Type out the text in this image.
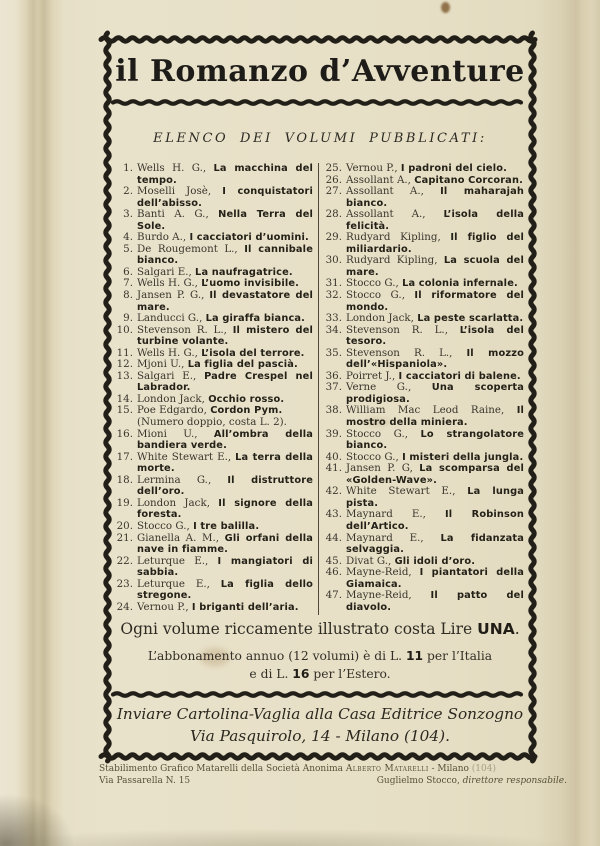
il Romanzo d’Avventure
ELENCO DEI VOLUMI PUBBLICATI:

1. Wells H. G., La macchina del tempo.

2. Moselli Josè, I conquistatori dell’abisso.

3. Banti A. G., Nella Terra del Sole.

4. Burdo A., I cacciatori d’uomini.

5. De Rougemont L., Il cannibale bianco.

6. Salgari E., La naufragatrice.

7. Wells H. G., L’uomo invisibile.

8. Jansen P. G., Il devastatore del mare.

9. Landucci G., La giraffa bianca.

10. Stevenson R. L., Il mistero del turbine volante.

11. Wells H. G., L’isola del terrore.

12. Mjoni U., La figlia del pascià.

13. Salgari E., Padre Crespel nel Labrador.

14. London Jack, Occhio rosso.

15. Poe Edgardo, Cordon Pym.
(Numero doppio, costa L. 2).

16. Mioni U., All’ombra della bandiera verde.

17. White Stewart E., La terra della morte.

18. Lermina G., Il distruttore dell’oro.

19. London Jack, Il signore della foresta.

20. Stocco G., I tre balilla.

21. Gianella A. M., Gli orfani della nave in fiamme.

22. Leturque E., I mangiatori di sabbia.

23. Leturque E., La figlia dello stregone.

24. Vernou P., I briganti dell’aria.

25. Vernou P., I padroni del cielo.

26. Assollant A., Capitano Corcoran.

27. Assollant A., Il maharajah bianco.

28. Assollant A., L’isola della felicità.

29. Rudyard Kipling, Il figlio del miliardario.

30. Rudyard Kipling, La scuola del mare.

31. Stocco G., La colonia infernale.

32. Stocco G., Il riformatore del mondo.

33. London Jack, La peste scarlatta.

34. Stevenson R. L., L’isola del tesoro.

35. Stevenson R. L., Il mozzo dell’«Hispaniola».

36. Poirret J., I cacciatori di balene.

37. Verne G., Una scoperta prodigiosa.

38. William Mac Leod Raine, Il mostro della miniera.

39. Stocco G., Lo strangolatore bianco.

40. Stocco G., I misteri della jungla.

41. Jansen P. G, La scomparsa del «Golden-Wave».

42. White Stewart E., La lunga pista.

43. Maynard E., Il Robinson dell’Artico.

44. Maynard E., La fidanzata selvaggia.

45. Divat G., Gli idoli d’oro.

46. Mayne-Reid, I piantatori della Giamaica.

47. Mayne-Reid, Il patto del diavolo.

Ogni volume riccamente illustrato costa Lire UNA.
L’abbonamento annuo (12 volumi) è di L. 11 per l’Italia
e di L. 16 per l’Estero.
Inviare Cartolina-Vaglia alla Casa Editrice Sonzogno
Via Pasquirolo, 14 - Milano (104).
Stabilimento Grafico Matarelli della Società Anonima Alberto Matarelli - Milano (104)
Via Passarella N. 15	Guglielmo Stocco, direttore responsabile.
